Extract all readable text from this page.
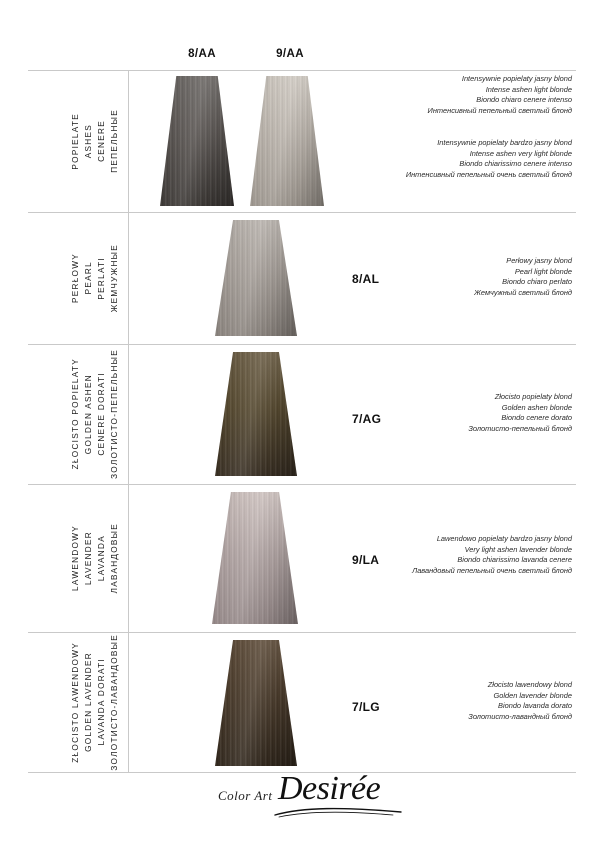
8/AA	9/AA
POPIELATE ASHES CENERE ПЕПЕЛЬНЫЕ
Intensywnie popielaty jasny blond
Intense ashen light blonde
Biondo chiaro cenere intenso
Интенсивный пепельный светлый блонд
Intensywnie popielaty bardzo jasny blond
Intense ashen very light blonde
Biondo chiarissimo cenere intenso
Интенсивный пепельный очень светлый блонд
PERŁOWY PEARL PERLATI ЖЕМЧУЖНЫЕ	8/AL
Perłowy jasny blond
Pearl light blonde
Biondo chiaro perlato
Жемчужный светлый блонд
ZŁOCISTO POPIELATY GOLDEN ASHEN CENERE DORATI ЗОЛОТИСТО-ПЕПЕЛЬНЫЕ	7/AG
Złocisto popielaty blond
Golden ashen blonde
Biondo cenere dorato
Золотисто-пепельный блонд
LAWENDOWY LAVENDER LAVANDA ЛАВАНДОВЫЕ	9/LA
Lawendowo popielaty bardzo jasny blond
Very light ashen lavender blonde
Biondo chiarissimo lavanda cenere
Лавандовый пепельный очень светлый блонд
ZŁOCISTO LAWENDOWY GOLDEN LAVENDER LAVANDA DORATI ЗОЛОТИСТО-ЛАВАНДОВЫЕ	7/LG
Złocisto lawendowy blond
Golden lavender blonde
Biondo lavanda dorato
Золотисто-лавандный блонд
Color Art Desirée
